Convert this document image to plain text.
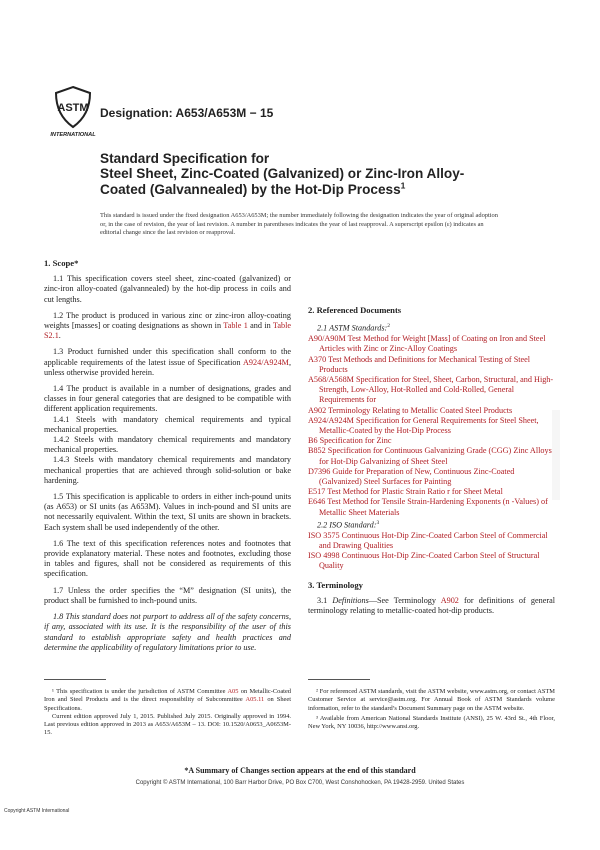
ASTM
INTERNATIONAL
Designation: A653/A653M − 15
Standard Specification for
Steel Sheet, Zinc-Coated (Galvanized) or Zinc-Iron Alloy-
Coated (Galvannealed) by the Hot-Dip Process$^1$
This standard is issued under the fixed designation A653/A653M; the number immediately following the designation indicates the year of original adoption or, in the case of revision, the year of last revision. A number in parentheses indicates the year of last reapproval. A superscript epsilon (ε) indicates an editorial change since the last revision or reapproval.
1. Scope*

1.1 This specification covers steel sheet, zinc-coated (galvanized) or zinc-iron alloy-coated (galvannealed) by the hot-dip process in coils and cut lengths.

1.2 The product is produced in various zinc or zinc-iron alloy-coating weights [masses] or coating designations as shown in Table 1 and in Table S2.1.

1.3 Product furnished under this specification shall conform to the applicable requirements of the latest issue of Specification A924/A924M, unless otherwise provided herein.

1.4 The product is available in a number of designations, grades and classes in four general categories that are designed to be compatible with different application requirements.

1.4.1 Steels with mandatory chemical requirements and typical mechanical properties.

1.4.2 Steels with mandatory chemical requirements and mandatory mechanical properties.

1.4.3 Steels with mandatory chemical requirements and mandatory mechanical properties that are achieved through solid-solution or bake hardening.

1.5 This specification is applicable to orders in either inch-pound units (as A653) or SI units (as A653M). Values in inch-pound and SI units are not necessarily equivalent. Within the text, SI units are shown in brackets. Each system shall be used independently of the other.

1.6 The text of this specification references notes and footnotes that provide explanatory material. These notes and footnotes, excluding those in tables and figures, shall not be considered as requirements of this specification.

1.7 Unless the order specifies the “M” designation (SI units), the product shall be furnished to inch-pound units.

1.8 This standard does not purport to address all of the safety concerns, if any, associated with its use. It is the responsibility of the user of this standard to establish appropriate safety and health practices and determine the applicability of regulatory limitations prior to use.

2. Referenced Documents
2.1 ASTM Standards:$^2$

A90/A90M Test Method for Weight [Mass] of Coating on Iron and Steel Articles with Zinc or Zinc-Alloy Coatings

A370 Test Methods and Definitions for Mechanical Testing of Steel Products

A568/A568M Specification for Steel, Sheet, Carbon, Structural, and High-Strength, Low-Alloy, Hot-Rolled and Cold-Rolled, General Requirements for

A902 Terminology Relating to Metallic Coated Steel Products

A924/A924M Specification for General Requirements for Steel Sheet, Metallic-Coated by the Hot-Dip Process

B6 Specification for Zinc

B852 Specification for Continuous Galvanizing Grade (CGG) Zinc Alloys for Hot-Dip Galvanizing of Sheet Steel

D7396 Guide for Preparation of New, Continuous Zinc-Coated (Galvanized) Steel Surfaces for Painting

E517 Test Method for Plastic Strain Ratio r for Sheet Metal

E646 Test Method for Tensile Strain-Hardening Exponents (n -Values) of Metallic Sheet Materials

2.2 ISO Standard:$^3$

ISO 3575 Continuous Hot-Dip Zinc-Coated Carbon Steel of Commercial and Drawing Qualities

ISO 4998 Continuous Hot-Dip Zinc-Coated Carbon Steel of Structural Quality

3. Terminology

3.1 Definitions—See Terminology A902 for definitions of general terminology relating to metallic-coated hot-dip products.

¹ This specification is under the jurisdiction of ASTM Committee A05 on Metallic-Coated Iron and Steel Products and is the direct responsibility of Subcommittee A05.11 on Sheet Specifications.

Current edition approved July 1, 2015. Published July 2015. Originally approved in 1994. Last previous edition approved in 2013 as A653/A653M – 13. DOI: 10.1520/A0653_A0653M-15.

² For referenced ASTM standards, visit the ASTM website, www.astm.org, or contact ASTM Customer Service at service@astm.org. For Annual Book of ASTM Standards volume information, refer to the standard’s Document Summary page on the ASTM website.

³ Available from American National Standards Institute (ANSI), 25 W. 43rd St., 4th Floor, New York, NY 10036, http://www.ansi.org.

*A Summary of Changes section appears at the end of this standard
Copyright © ASTM International, 100 Barr Harbor Drive, PO Box C700, West Conshohocken, PA 19428-2959. United States
Copyright ASTM International
